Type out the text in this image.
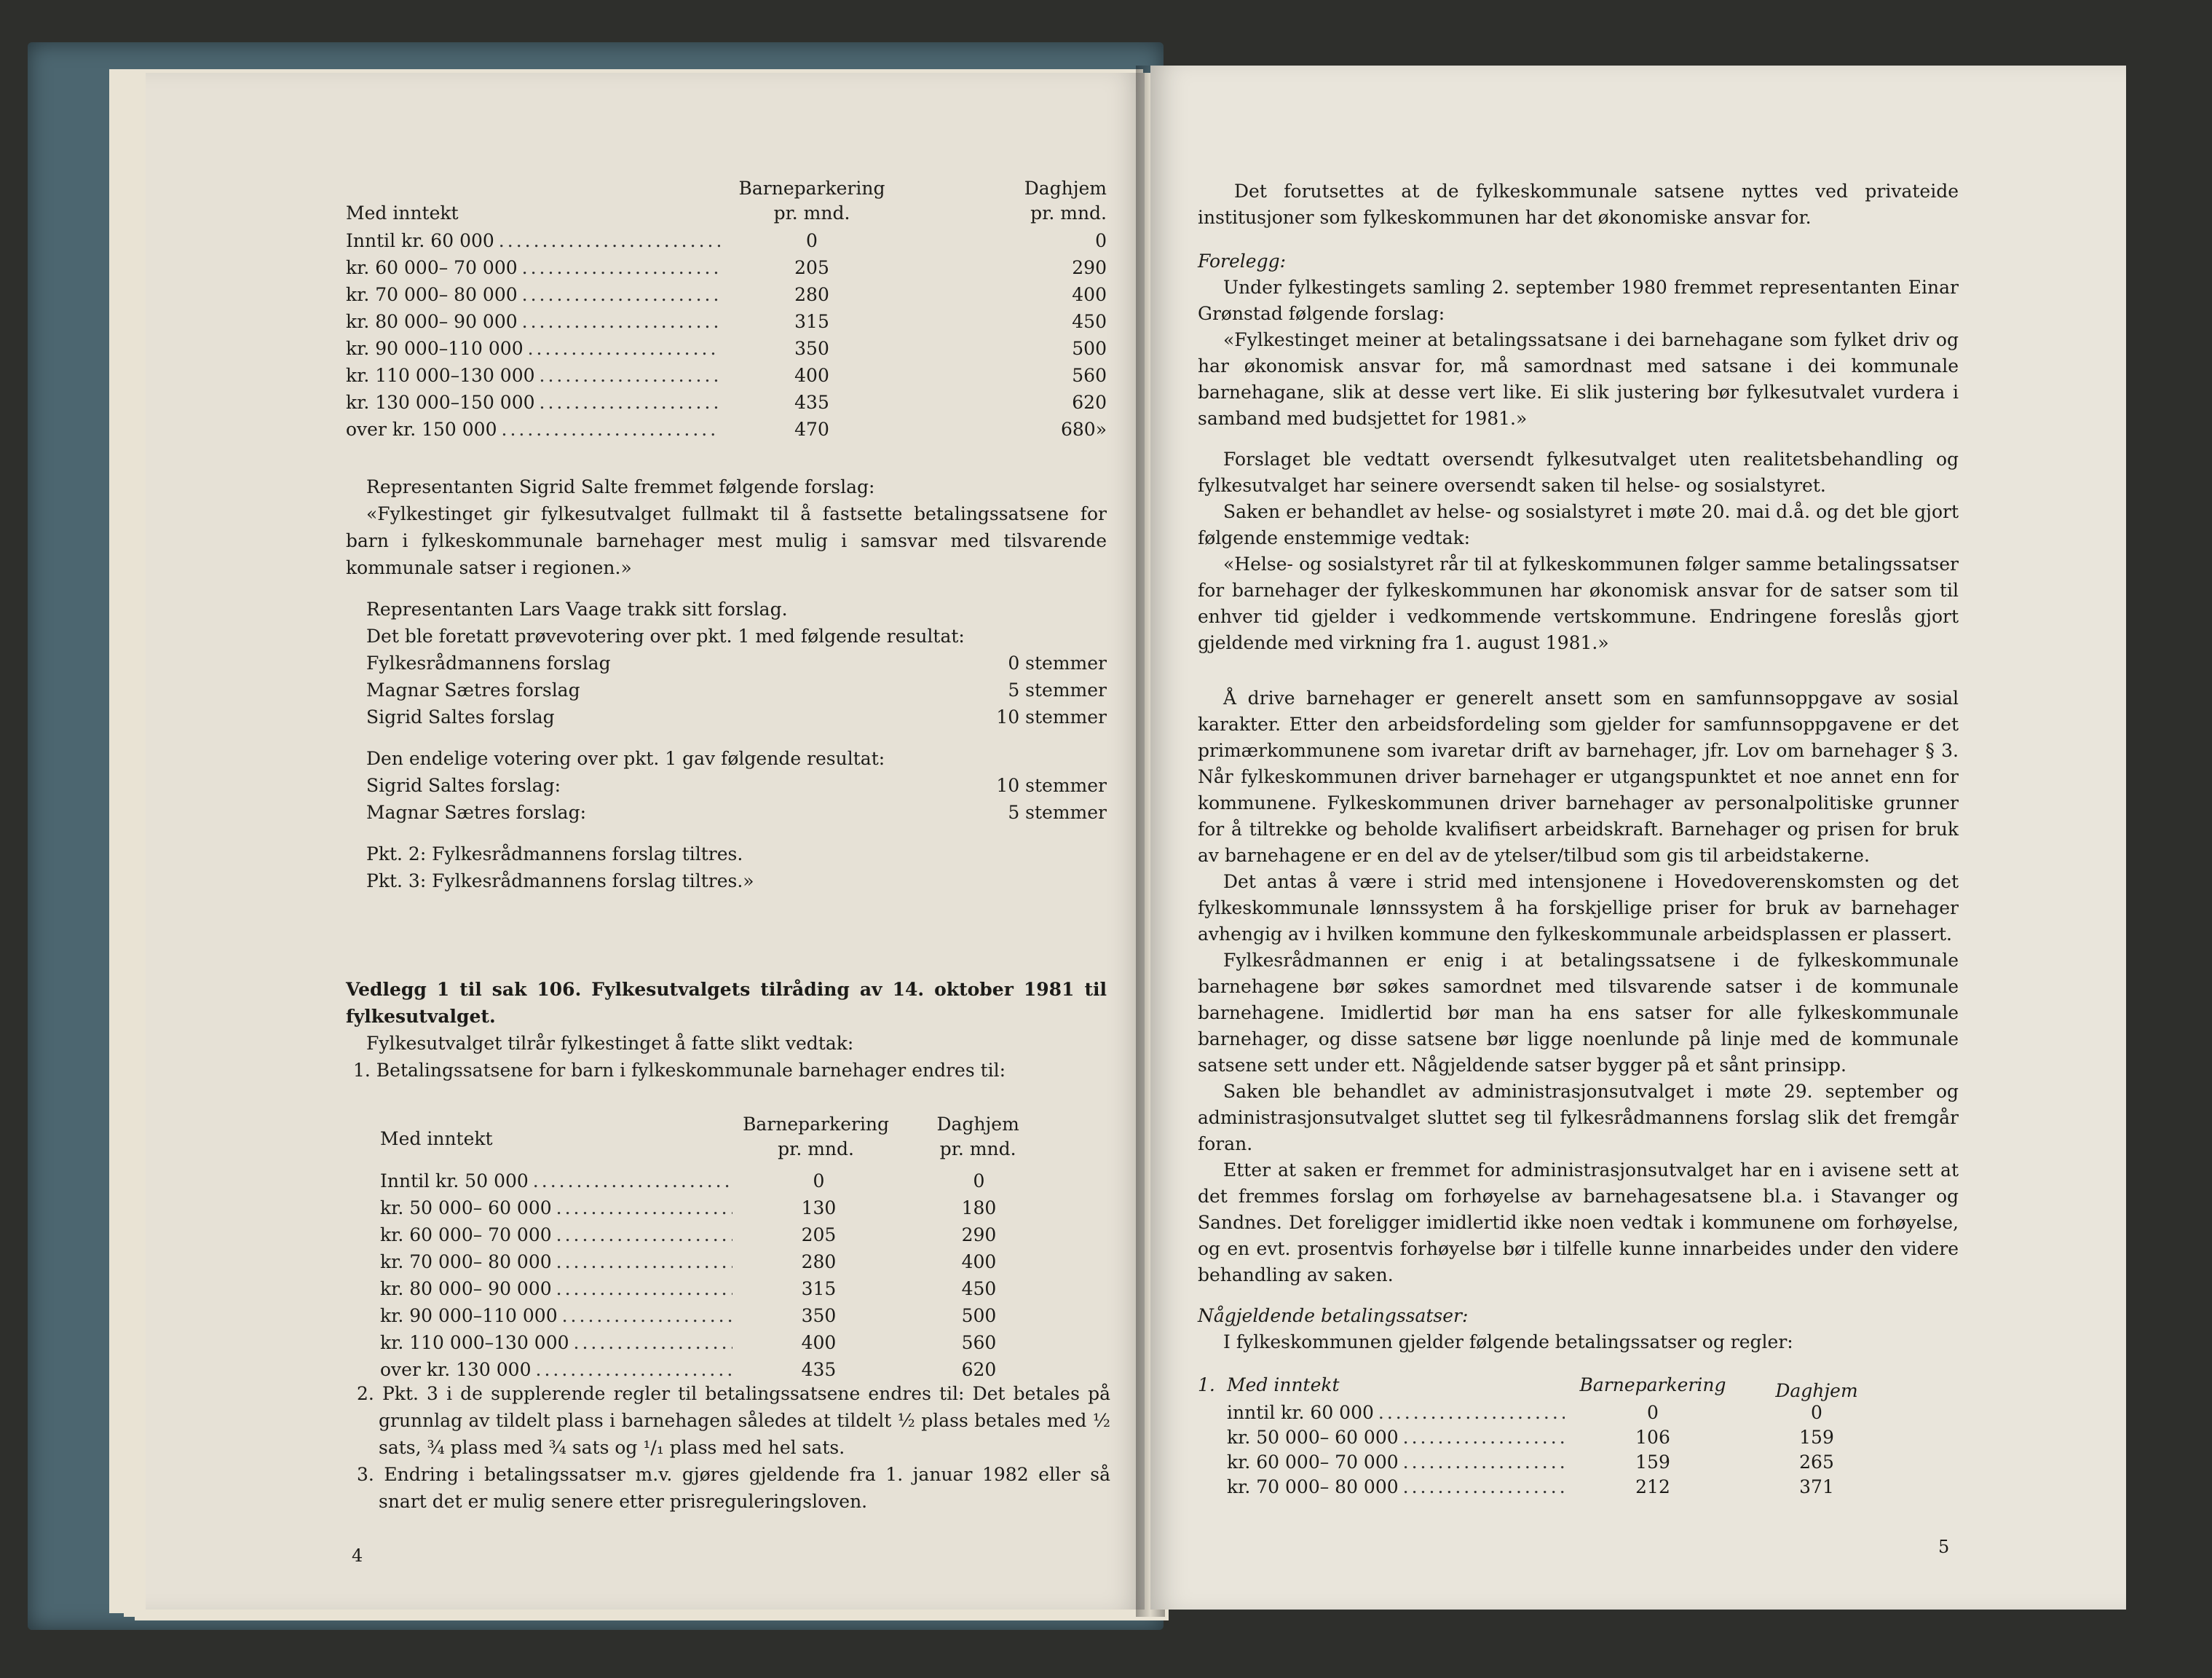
Barneparkering	Daghjem
Med inntekt	pr. mnd.	pr. mnd.
Inntil kr. 60 000 .....	0	0
kr. 60 000– 70 000 .....	205	290
kr. 70 000– 80 000 .....	280	400
kr. 80 000– 90 000 .....	315	450
kr. 90 000–110 000 .....	350	500
kr. 110 000–130 000 .....	400	560
kr. 130 000–150 000 .....	435	620
over kr. 150 000 .....	470	680»
Representanten Sigrid Salte fremmet følgende forslag:
«Fylkestinget gir fylkesutvalget fullmakt til å fastsette betalingssatsene for barn i fylkeskommunale barnehager mest mulig i samsvar med tilsvarende kommunale satser i regionen.»
Representanten Lars Vaage trakk sitt forslag.
Det ble foretatt prøvevotering over pkt. 1 med følgende resultat:
Fylkesrådmannens forslag	0 stemmer
Magnar Sætres forslag	5 stemmer
Sigrid Saltes forslag	10 stemmer
Den endelige votering over pkt. 1 gav følgende resultat:
Sigrid Saltes forslag:	10 stemmer
Magnar Sætres forslag:	5 stemmer
Pkt. 2: Fylkesrådmannens forslag tiltres.
Pkt. 3: Fylkesrådmannens forslag tiltres.»
Vedlegg 1 til sak 106. Fylkesutvalgets tilråding av 14. oktober 1981 til fylkesutvalget.
Fylkesutvalget tilrår fylkestinget å fatte slikt vedtak:
1. Betalingssatsene for barn i fylkeskommunale barnehager endres til:
Med inntekt
Barneparkering	Daghjem
pr. mnd.	pr. mnd.
Inntil kr. 50 000 .....	0	0
kr. 50 000– 60 000 .....	130	180
kr. 60 000– 70 000 .....	205	290
kr. 70 000– 80 000 .....	280	400
kr. 80 000– 90 000 .....	315	450
kr. 90 000–110 000 .....	350	500
kr. 110 000–130 000 .....	400	560
over kr. 130 000 .....	435	620
2. Pkt. 3 i de supplerende regler til betalingssatsene endres til: Det betales på grunnlag av tildelt plass i barnehagen således at tildelt ½ plass betales med ½ sats, ¾ plass med ¾ sats og ¹/₁ plass med hel sats.
3. Endring i betalingssatser m.v. gjøres gjeldende fra 1. januar 1982 eller så snart det er mulig senere etter prisreguleringsloven.
4
Det forutsettes at de fylkeskommunale satsene nyttes ved privateide institusjoner som fylkeskommunen har det økonomiske ansvar for.
Forelegg:
Under fylkestingets samling 2. september 1980 fremmet representanten Einar Grønstad følgende forslag:
«Fylkestinget meiner at betalingssatsane i dei barnehagane som fylket driv og har økonomisk ansvar for, må samordnast med satsane i dei kommunale barnehagane, slik at desse vert like. Ei slik justering bør fylkesutvalet vurdera i samband med budsjettet for 1981.»
Forslaget ble vedtatt oversendt fylkesutvalget uten realitetsbehandling og fylkesutvalget har seinere oversendt saken til helse- og sosialstyret.
Saken er behandlet av helse- og sosialstyret i møte 20. mai d.å. og det ble gjort følgende enstemmige vedtak:
«Helse- og sosialstyret rår til at fylkeskommunen følger samme betalingssatser for barnehager der fylkeskommunen har økonomisk ansvar for de satser som til enhver tid gjelder i vedkommende vertskommune. Endringene foreslås gjort gjeldende med virkning fra 1. august 1981.»
Å drive barnehager er generelt ansett som en samfunnsoppgave av sosial karakter. Etter den arbeidsfordeling som gjelder for samfunnsoppgavene er det primærkommunene som ivaretar drift av barnehager, jfr. Lov om barnehager § 3. Når fylkeskommunen driver barnehager er utgangspunktet et noe annet enn for kommunene. Fylkeskommunen driver barnehager av personalpolitiske grunner for å tiltrekke og beholde kvalifisert arbeidskraft. Barnehager og prisen for bruk av barnehagene er en del av de ytelser/tilbud som gis til arbeidstakerne.
Det antas å være i strid med intensjonene i Hovedoverenskomsten og det fylkeskommunale lønnssystem å ha forskjellige priser for bruk av barnehager avhengig av i hvilken kommune den fylkeskommunale arbeidsplassen er plassert.
Fylkesrådmannen er enig i at betalingssatsene i de fylkeskommunale barnehagene bør søkes samordnet med tilsvarende satser i de kommunale barnehagene. Imidlertid bør man ha ens satser for alle fylkeskommunale barnehager, og disse satsene bør ligge noenlunde på linje med de kommunale satsene sett under ett. Någjeldende satser bygger på et sånt prinsipp.
Saken ble behandlet av administrasjonsutvalget i møte 29. september og administrasjonsutvalget sluttet seg til fylkesrådmannens forslag slik det fremgår foran.
Etter at saken er fremmet for administrasjonsutvalget har en i avisene sett at det fremmes forslag om forhøyelse av barnehagesatsene bl.a. i Stavanger og Sandnes. Det foreligger imidlertid ikke noen vedtak i kommunene om forhøyelse, og en evt. prosentvis forhøyelse bør i tilfelle kunne innarbeides under den videre behandling av saken.
Någjeldende betalingssatser:
I fylkeskommunen gjelder følgende betalingssatser og regler:
1. Med inntekt	Barneparkering	Daghjem
inntil kr. 60 000 .....	0	0
kr. 50 000– 60 000 .....	106	159
kr. 60 000– 70 000 .....	159	265
kr. 70 000– 80 000 .....	212	371
5
